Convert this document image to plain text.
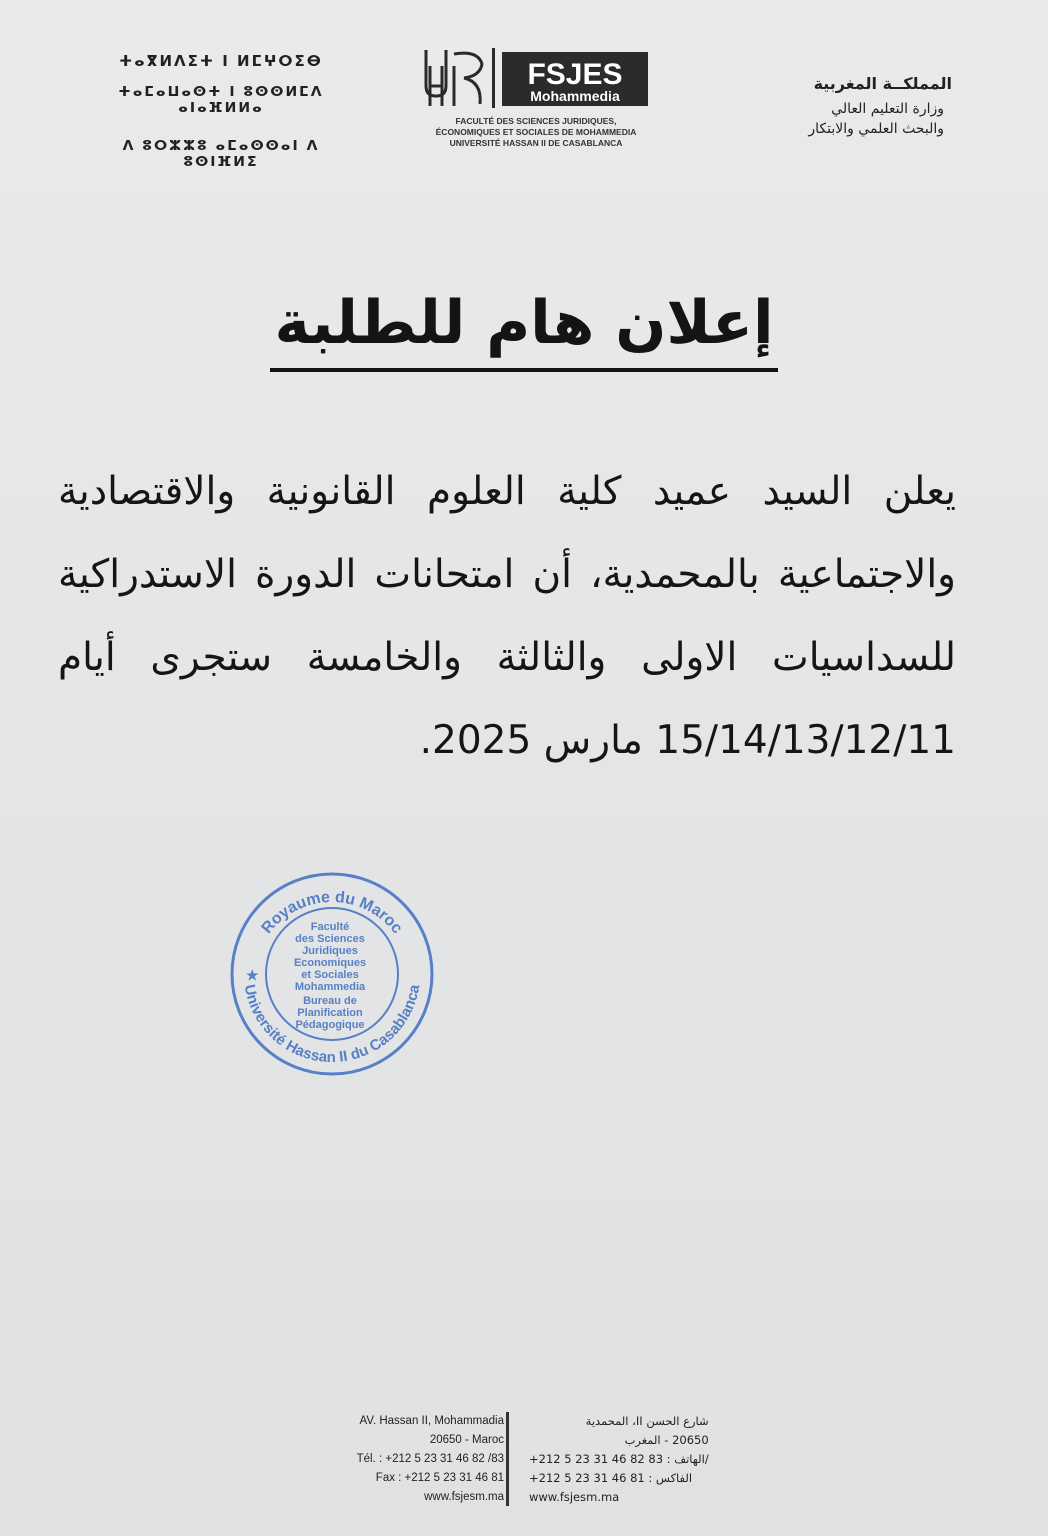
ⵜⴰⴳⵍⴷⵉⵜ ⵏ ⵍⵎⵖⵔⵉⴱ
ⵜⴰⵎⴰⵡⴰⵙⵜ ⵏ ⵓⵙⵙⵍⵎⴷ ⴰⵏⴰⴼⵍⵍⴰ
ⴷ ⵓⵔⵣⵣⵓ ⴰⵎⴰⵙⵙⴰⵏ ⴷ ⵓⵙⵏⴼⵍⵉ
FSJES
Mohammedia
FACULTÉ DES SCIENCES JURIDIQUES,
ÉCONOMIQUES ET SOCIALES DE MOHAMMEDIA
UNIVERSITÉ HASSAN II DE CASABLANCA
المملكــة المغربية
وزارة التعليم العالي
والبحث العلمي والابتكار
إعلان هام للطلبة
يعلن السيد عميد كلية العلوم القانونية والاقتصادية
والاجتماعية بالمحمدية، أن امتحانات الدورة الاستدراكية
للسداسيات الاولى والثالثة والخامسة ستجرى أيام
15/14/13/12/11 مارس 2025.
Royaume du Maroc
Université Hassan II du Casablanca
★
Faculté
des Sciences
Juridiques
Economiques
et Sociales
Mohammedia
Bureau de
Planification
Pédagogique
AV. Hassan II, Mohammadia
20650 - Maroc
Tél. : +212 5 23 31 46 82 /83
Fax : +212 5 23 31 46 81
www.fsjesm.ma
شارع الحسن II، المحمدية
20650 - المغرب
+212 5 23 31 46 82 الهاتف : 83/
+212 5 23 31 46 الفاكس : 81
www.fsjesm.ma
